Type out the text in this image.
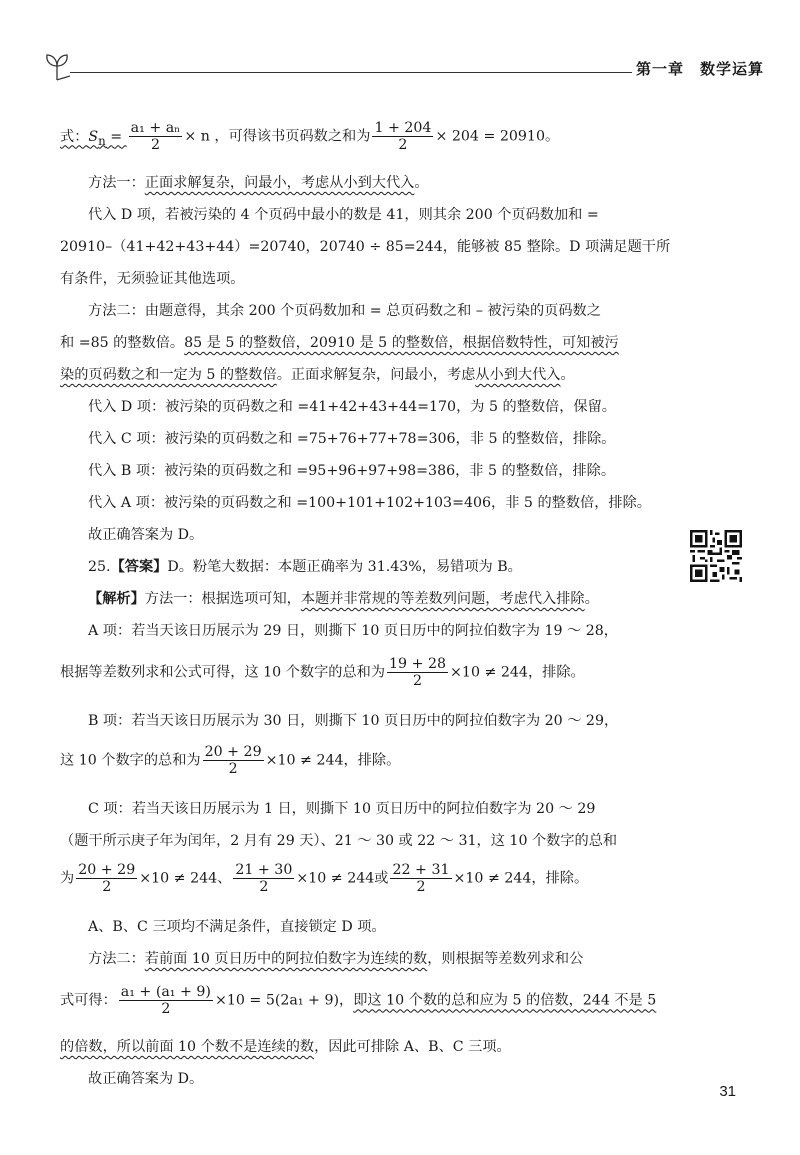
第一章 数学运算
式：$S_n = \frac{\text{a₁ + aₙ}}{2} \times n$ ，可得该书页码数之和为 $\frac{1 + 204}{2} \times 204 = 20910$。
方法一：正面求解复杂，问最小，考虑从小到大代入。
代入 D 项，若被污染的 4 个页码中最小的数是 41，则其余 200 个页码数加和 =
20910–（41+42+43+44）=20740，20740 ÷ 85=244，能够被 85 整除。D 项满足题干所
有条件，无须验证其他选项。
方法二：由题意得，其余 200 个页码数加和 = 总页码数之和 – 被污染的页码数之
和 =85 的整数倍。85 是 5 的整数倍，20910 是 5 的整数倍，根据倍数特性，可知被污
染的页码数之和一定为 5 的整数倍。正面求解复杂，问最小，考虑从小到大代入。
代入 D 项：被污染的页码数之和 =41+42+43+44=170，为 5 的整数倍，保留。
代入 C 项：被污染的页码数之和 =75+76+77+78=306，非 5 的整数倍，排除。
代入 B 项：被污染的页码数之和 =95+96+97+98=386，非 5 的整数倍，排除。
代入 A 项：被污染的页码数之和 =100+101+102+103=406，非 5 的整数倍，排除。
故正确答案为 D。
25.【答案】D。粉笔大数据：本题正确率为 31.43%，易错项为 B。
【解析】方法一：根据选项可知，本题并非常规的等差数列问题，考虑代入排除。
A 项：若当天该日历展示为 29 日，则撕下 10 页日历中的阿拉伯数字为 19 ～ 28，
根据等差数列求和公式可得，这 10 个数字的总和为 $\frac{19 + 28}{2} \times 10 \ne 244$，排除。
B 项：若当天该日历展示为 30 日，则撕下 10 页日历中的阿拉伯数字为 20 ～ 29，
这 10 个数字的总和为 $\frac{20 + 29}{2} \times 10 \ne 244$，排除。
C 项：若当天该日历展示为 1 日，则撕下 10 页日历中的阿拉伯数字为 20 ～ 29
（题干所示庚子年为闰年，2 月有 29 天）、21 ～ 30 或 22 ～ 31，这 10 个数字的总和
为 $\frac{20 + 29}{2} \times 10 \ne 244$、 $\frac{21 + 30}{2} \times 10 \ne 244$或 $\frac{22 + 31}{2} \times 10 \ne 244$，排除。
A、B、C 三项均不满足条件，直接锁定 D 项。
方法二：若前面 10 页日历中的阿拉伯数字为连续的数，则根据等差数列求和公
式可得： $\frac{\text{a₁ + (a₁ + 9)}}{2} \times 10 = 5(2a_1 + 9)$，即这 10 个数的总和应为 5 的倍数，244 不是 5
的倍数，所以前面 10 个数不是连续的数，因此可排除 A、B、C 三项。
故正确答案为 D。
31
